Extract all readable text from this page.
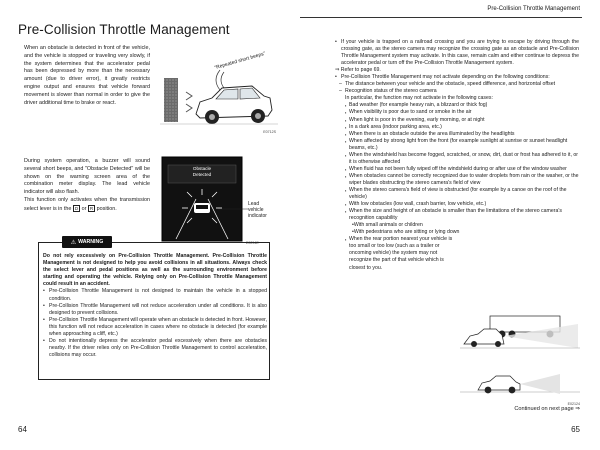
Pre-Collision Throttle Management
Pre-Collision Throttle Management

When an obstacle is detected in front of the vehicle, and the vehicle is stopped or traveling very slowly, if the system determines that the accelerator pedal has been depressed by more than the necessary amount (due to driver error), it greatly restricts engine output and ensures that vehicle forward movement is slower than normal in order to give the driver additional time to brake or react.

"Repeated short beeps"
E0712S

During system operation, a buzzer will sound several short beeps, and "Obstacle Detected" will be shown on the warning screen area of the combination meter display. The lead vehicle indicator will also flash.

This function only activates when the transmission select lever is in the D or R position.

Obstacle
Detected
Lead
vehicle
indicator
E0294E
⚠ WARNING

Do not rely excessively on Pre-Collision Throttle Management. Pre-Collision Throttle Management is not designed to help you avoid collisions in all situations. Always check the select lever and pedal positions as well as the surrounding environment before starting and operating the vehicle. Relying only on Pre-Collision Throttle Management could result in an accident.

• Pre-Collision Throttle Management is not designed to maintain the vehicle in a stopped condition.

• Pre-Collision Throttle Management will not reduce acceleration under all conditions. It is also designed to prevent collisions.

• Pre-Collision Throttle Management will operate when an obstacle is detected in front. However, this function will not reduce acceleration in cases where no obstacle is detected (for example when approaching a cliff, etc.)

• Do not intentionally depress the accelerator pedal excessively when there are obstacles nearby. If the driver relies only on Pre-Collision Throttle Management to control acceleration, collisions may occur.

• If your vehicle is trapped on a railroad crossing and you are trying to escape by driving through the crossing gate, as the stereo camera may recognize the crossing gate as an obstacle and Pre-Collision Throttle Management system may activate. In this case, remain calm and either continue to depress the accelerator pedal or turn off the Pre-Collision Throttle Management system.

⇒ Refer to page 69.

• Pre-Collision Throttle Management may not activate depending on the following conditions:

– The distance between your vehicle and the obstacle, speed difference, and horizontal offset

– Recognition status of the stereo camera

In particular, the function may not activate in the following cases:

▪ Bad weather (for example heavy rain, a blizzard or thick fog)

▪ When visibility is poor due to sand or smoke in the air

▪ When light is poor in the evening, early morning, or at night

▪ In a dark area (indoor parking area, etc.)

▪ When there is an obstacle outside the area illuminated by the headlights

▪ When affected by strong light from the front (for example sunlight at sunrise or sunset headlight beams, etc.)

▪ When the windshield has become fogged, scratched, or snow, dirt, dust or frost has adhered to it, or it is otherwise affected

▪ When fluid has not been fully wiped off the windshield during or after use of the window washer

▪ When obstacles cannot be correctly recognized due to water droplets from rain or the washer, or the wiper blades obstructing the stereo camera's field of view

▪ When the stereo camera's field of view is obstructed (for example by a canoe on the roof of the vehicle)

▪ With low obstacles (low wall, crash barrier, low vehicle, etc.)

▪ When the size and height of an obstacle is smaller than the limitations of the stereo camera's recognition capability

•With small animals or children

•With pedestrians who are sitting or lying down

▪ When the rear portion nearest your vehicle is too small or too low (such as a trailer or oncoming vehicle) the system may not recognize the part of that vehicle which is closest to you.

E02124
Continued on next page ⇒
64	65
